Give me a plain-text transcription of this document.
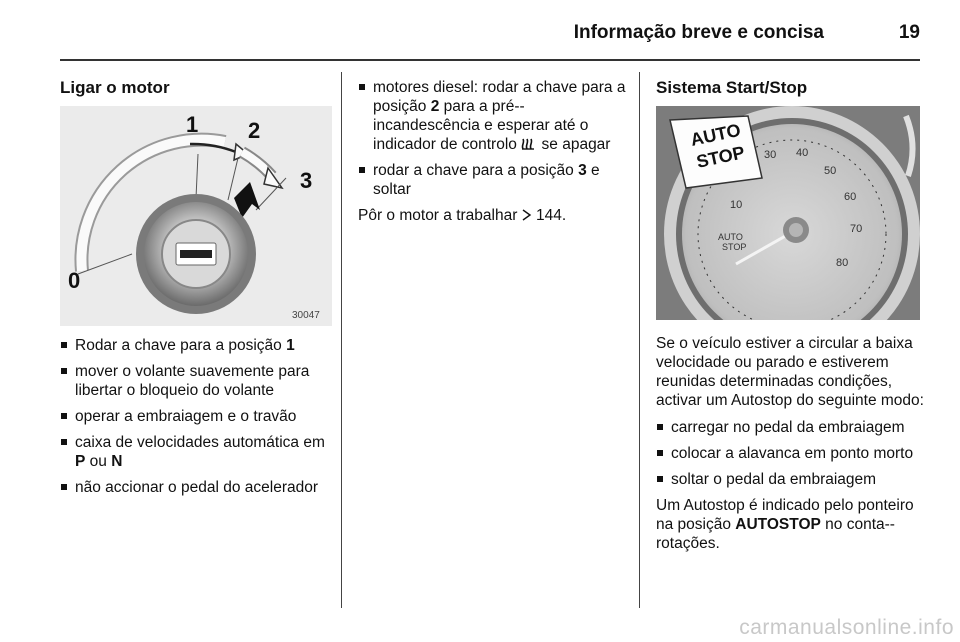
Informação breve e concisa	19
Ligar o motor
1 2
3
0
30047
Rodar a chave para a posição 1
mover o volante suavemente para libertar o bloqueio do volante
operar a embraiagem e o travão
caixa de velocidades automática em P ou N
não accionar o pedal do acelerador
motores diesel: rodar a chave para a posição 2 para a pré--incandescência e esperar até o indicador de controlo  se apagar
rodar a chave para a posição 3 e soltar

Pôr o motor a trabalhar  144.

Sistema Start/Stop
10
30 40
50
60
70
80
AUTO
STOP
AUTO
STOP

Se o veículo estiver a circular a baixa velocidade ou parado e estiverem reunidas determinadas condições, activar um Autostop do seguinte modo:

carregar no pedal da embraiagem
colocar a alavanca em ponto morto
soltar o pedal da embraiagem

Um Autostop é indicado pelo ponteiro na posição AUTOSTOP no conta--rotações.

carmanualsonline.info
